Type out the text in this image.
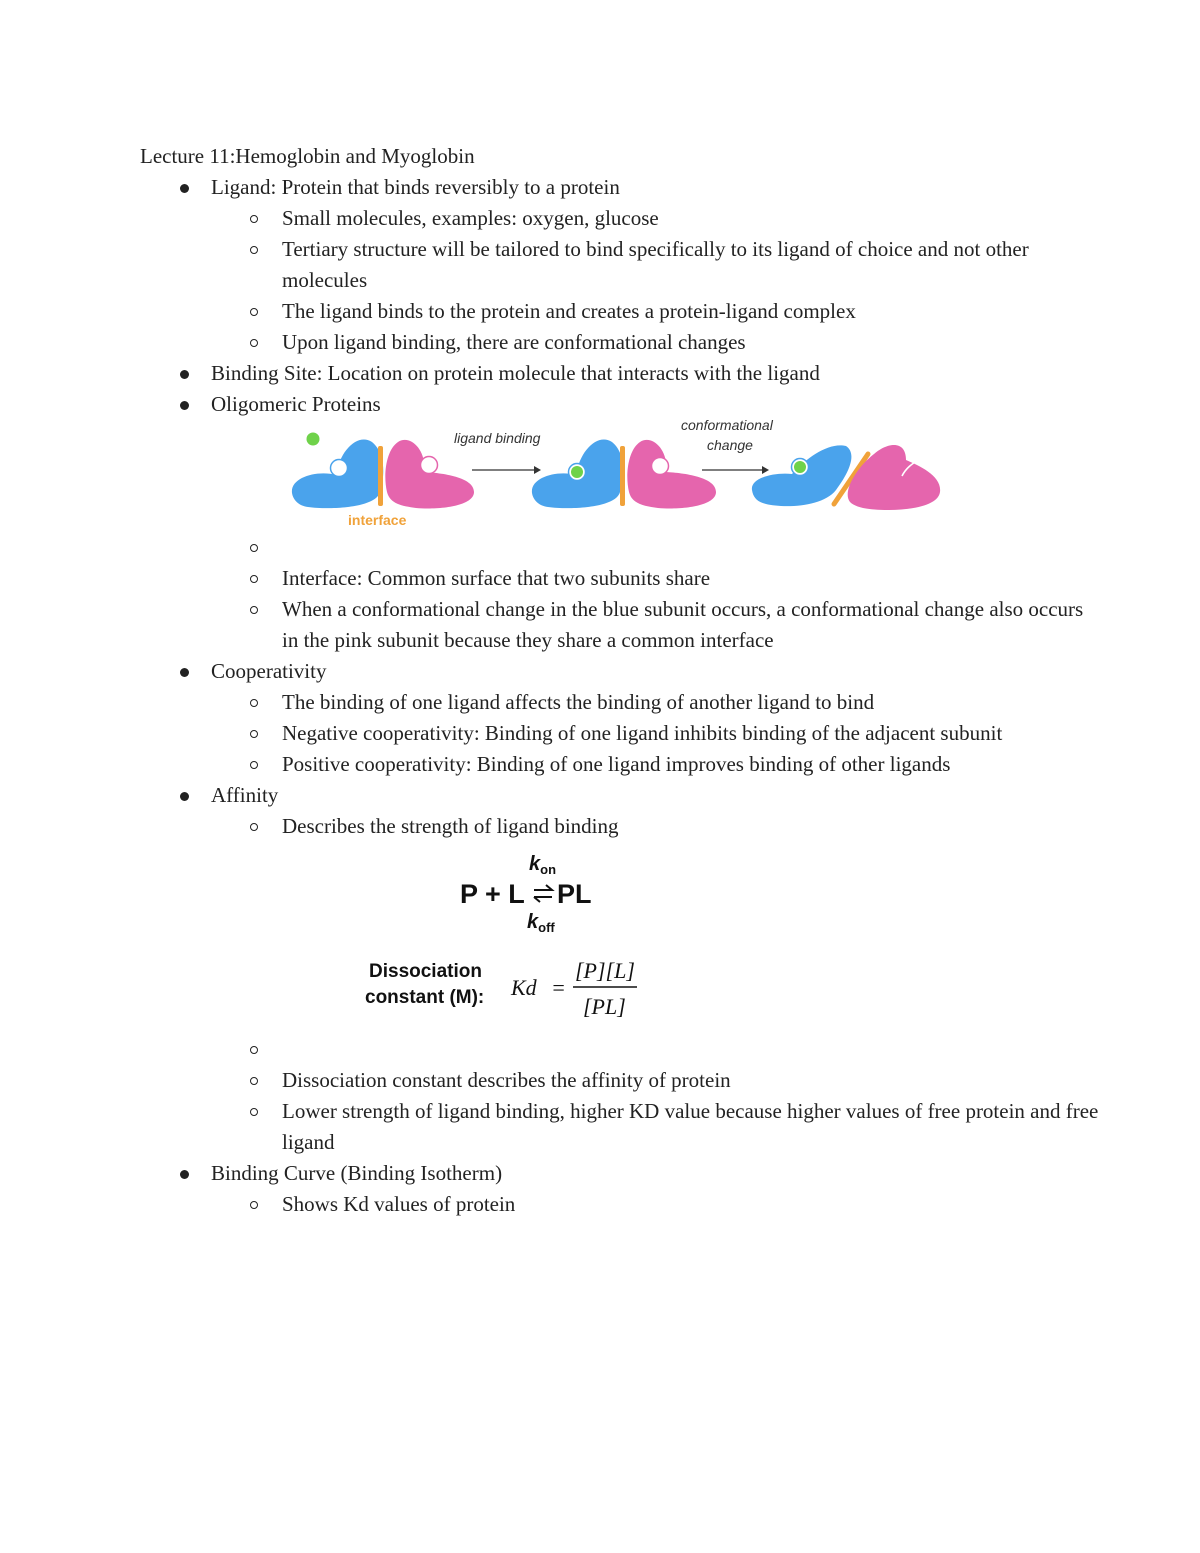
Lecture 11:Hemoglobin and Myoglobin

Ligand: Protein that binds reversibly to a protein
Small molecules, examples: oxygen, glucose
Tertiary structure will be tailored to bind specifically to its ligand of choice and not other molecules
The ligand binds to the protein and creates a protein-ligand complex
Upon ligand binding, there are conformational changes
Binding Site: Location on protein molecule that interacts with the ligand
Oligomeric Proteins
interface
ligand binding
conformational
change

Interface: Common surface that two subunits share
When a conformational change in the blue subunit occurs, a conformational change also occurs in the pink subunit because they share a common interface
Cooperativity
The binding of one ligand affects the binding of another ligand to bind
Negative cooperativity: Binding of one ligand inhibits binding of the adjacent subunit
Positive cooperativity: Binding of one ligand improves binding of other ligands
Affinity
Describes the strength of ligand binding
$k_{on}$
P + L PL
$k_{off}$
Dissociation
constant (M): Kd =
[P][L]
[PL]

Dissociation constant describes the affinity of protein
Lower strength of ligand binding, higher KD value because higher values of free protein and free ligand
Binding Curve (Binding Isotherm)
Shows Kd values of protein
